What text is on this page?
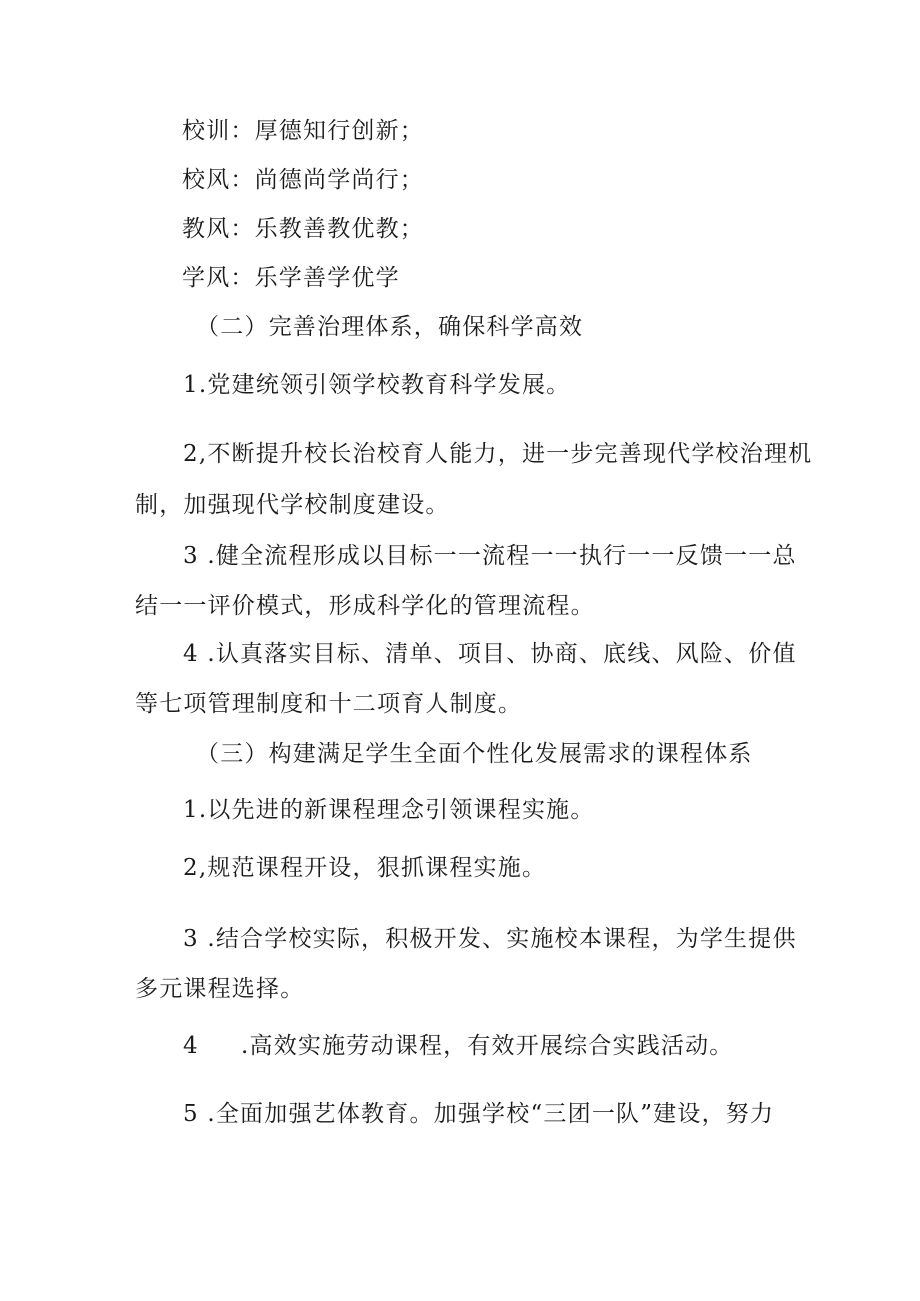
校训：厚德知行创新；
校风：尚德尚学尚行；
教风：乐教善教优教；
学风：乐学善学优学
（二）完善治理体系，确保科学高效
1.党建统领引领学校教育科学发展。
2,不断提升校长治校育人能力，进一步完善现代学校治理机
制，加强现代学校制度建设。
3 .健全流程形成以目标一一流程一一执行一一反馈一一总
结一一评价模式，形成科学化的管理流程。
4 .认真落实目标、清单、项目、协商、底线、风险、价值
等七项管理制度和十二项育人制度。
（三）构建满足学生全面个性化发展需求的课程体系
1.以先进的新课程理念引领课程实施。
2,规范课程开设，狠抓课程实施。
3 .结合学校实际，积极开发、实施校本课程，为学生提供
多元课程选择。
4 .高效实施劳动课程，有效开展综合实践活动。
5 .全面加强艺体教育。加强学校“三团一队”建设，努力
